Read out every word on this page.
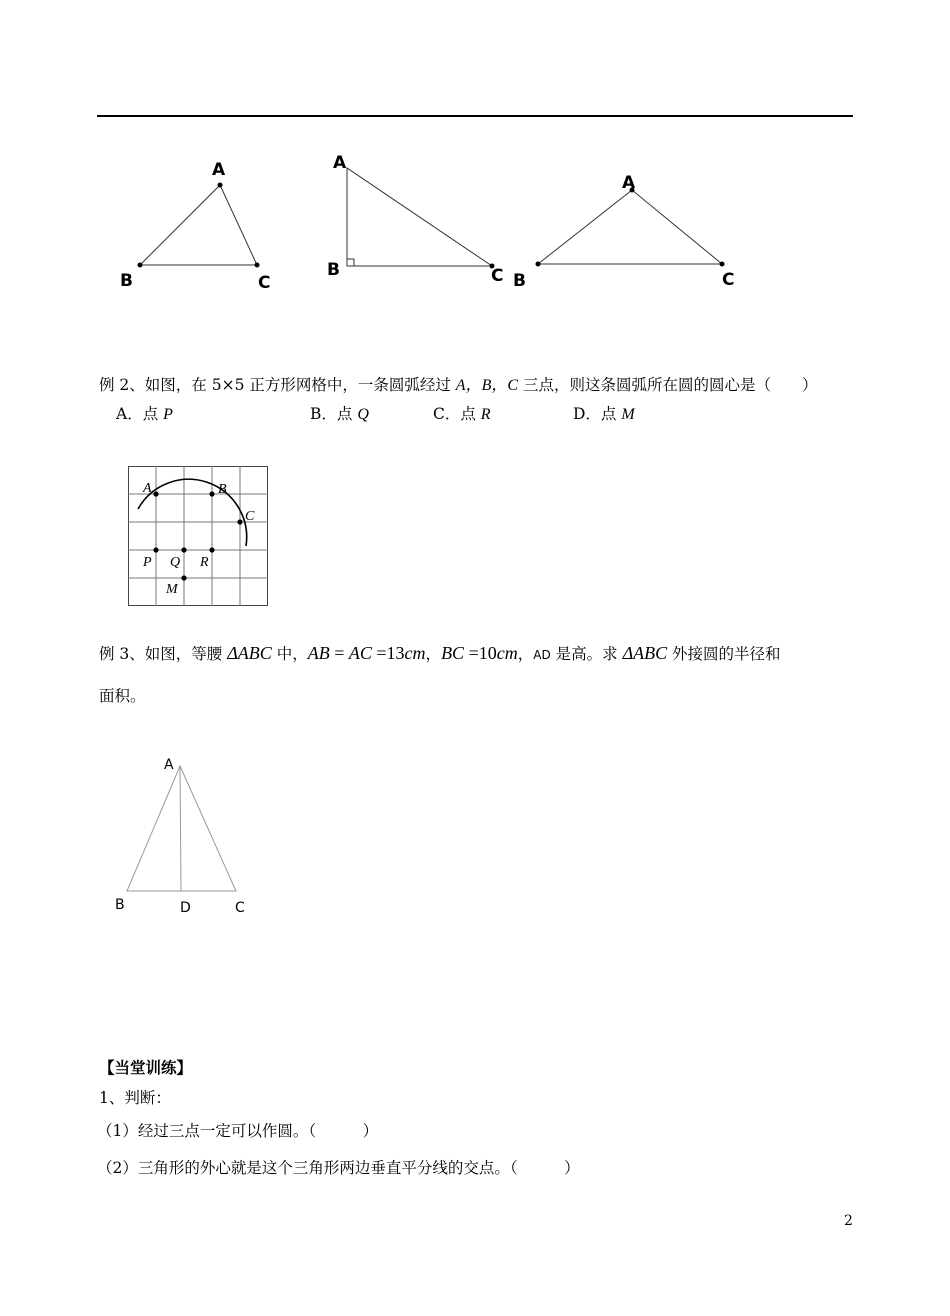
A
B	C
A
B	C
A
B	C
例 2、如图，在 5×5 正方形网格中，一条圆弧经过 A，B，C 三点，则这条圆弧所在圆的圆心是（　　）
A．点 P	B．点 Q	C．点 R	D．点 M
A	B
C
P Q R
M
例 3、如图，等腰 ΔABC 中，AB = AC =13cm，BC =10cm，AD 是高。求 ΔABC 外接圆的半径和
面积。
A
B	D	C
【当堂训练】
1、判断：
（1）经过三点一定可以作圆。（　　　）
（2）三角形的外心就是这个三角形两边垂直平分线的交点。（　　　）
2
